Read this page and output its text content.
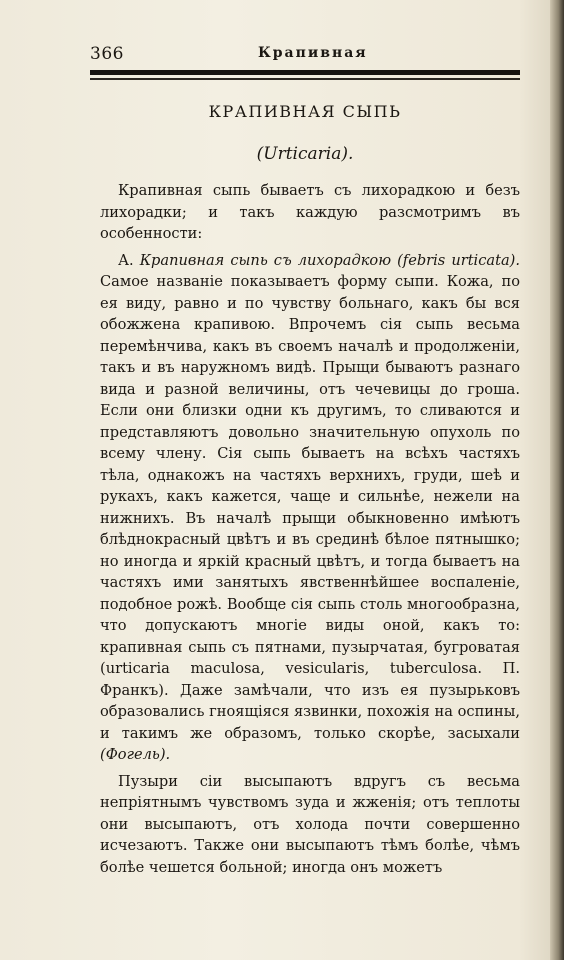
366	Крапивная
КРАПИВНАЯ СЫПЬ
(Urticaria).

Крапивная сыпь бываетъ съ лихорадкою и безъ лихорадки; и такъ каждую разсмотримъ въ особенности:

А. Крапивная сыпь съ лихорадкою (febris urticata). Самое названіе показываетъ форму сыпи. Кожа, по ея виду, равно и по чувству больнаго, какъ бы вся обожжена крапивою. Впрочемъ сія сыпь весьма перемѣнчива, какъ въ своемъ началѣ и продолженіи, такъ и въ наружномъ видѣ. Прыщи бываютъ разнаго вида и разной величины, отъ чечевицы до гроша. Если они близки одни къ другимъ, то сливаются и представляютъ довольно значительную опухоль по всему члену. Сія сыпь бываетъ на всѣхъ частяхъ тѣла, однакожъ на частяхъ верхнихъ, груди, шеѣ и рукахъ, какъ кажется, чаще и сильнѣе, нежели на нижнихъ. Въ началѣ прыщи обыкновенно имѣютъ блѣднокрасный цвѣтъ и въ срединѣ бѣлое пятнышко; но иногда и яркій красный цвѣтъ, и тогда бываетъ на частяхъ ими занятыхъ явственнѣйшее воспаленіе, подобное рожѣ. Вообще сія сыпь столь многообразна, что допускаютъ многіе виды оной, какъ то: крапивная сыпь съ пятнами, пузырчатая, бугроватая (urticaria maculosa, vesicularis, tuberculosa. П. Франкъ). Даже замѣчали, что изъ ея пузырьковъ образовались гноящіяся язвинки, похожія на оспины, и такимъ же образомъ, только скорѣе, засыхали (Фогель).

Пузыри сіи высыпаютъ вдругъ съ весьма непріятнымъ чувствомъ зуда и жженія; отъ теплоты они высыпаютъ, отъ холода почти совершенно исчезаютъ. Также они высыпаютъ тѣмъ болѣе, чѣмъ болѣе чешется больной; иногда онъ можетъ
